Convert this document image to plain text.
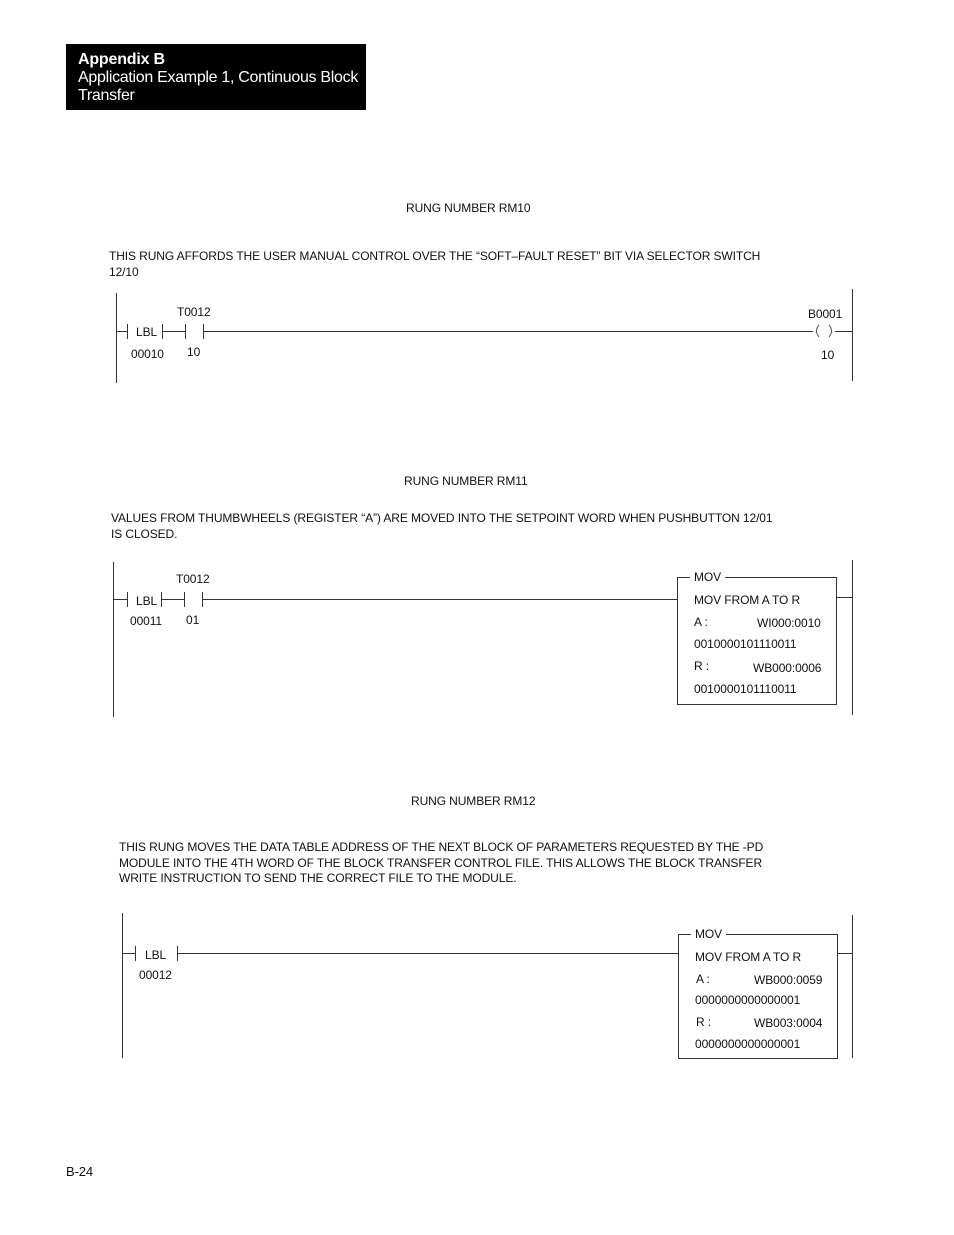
Appendix B
Application Example 1, Continuous Block
Transfer
RUNG NUMBER RM10
THIS RUNG AFFORDS THE USER MANUAL CONTROL OVER THE “SOFT–FAULT RESET” BIT VIA SELECTOR SWITCH
12/10
LBL
00010
T0012
10
B0001
10
RUNG NUMBER RM11
VALUES FROM THUMBWHEELS (REGISTER “A”) ARE MOVED INTO THE SETPOINT WORD WHEN PUSHBUTTON 12/01
IS CLOSED.
LBL
00011
T0012
01
MOV
MOV FROM A TO R
A :	WI000:0010
0010000101110011
R :	WB000:0006
0010000101110011
RUNG NUMBER RM12
THIS RUNG MOVES THE DATA TABLE ADDRESS OF THE NEXT BLOCK OF PARAMETERS REQUESTED BY THE -PD
MODULE INTO THE 4TH WORD OF THE BLOCK TRANSFER CONTROL FILE. THIS ALLOWS THE BLOCK TRANSFER
WRITE INSTRUCTION TO SEND THE CORRECT FILE TO THE MODULE.
LBL
00012
MOV
MOV FROM A TO R
A :	WB000:0059
0000000000000001
R :	WB003:0004
0000000000000001
B-24
